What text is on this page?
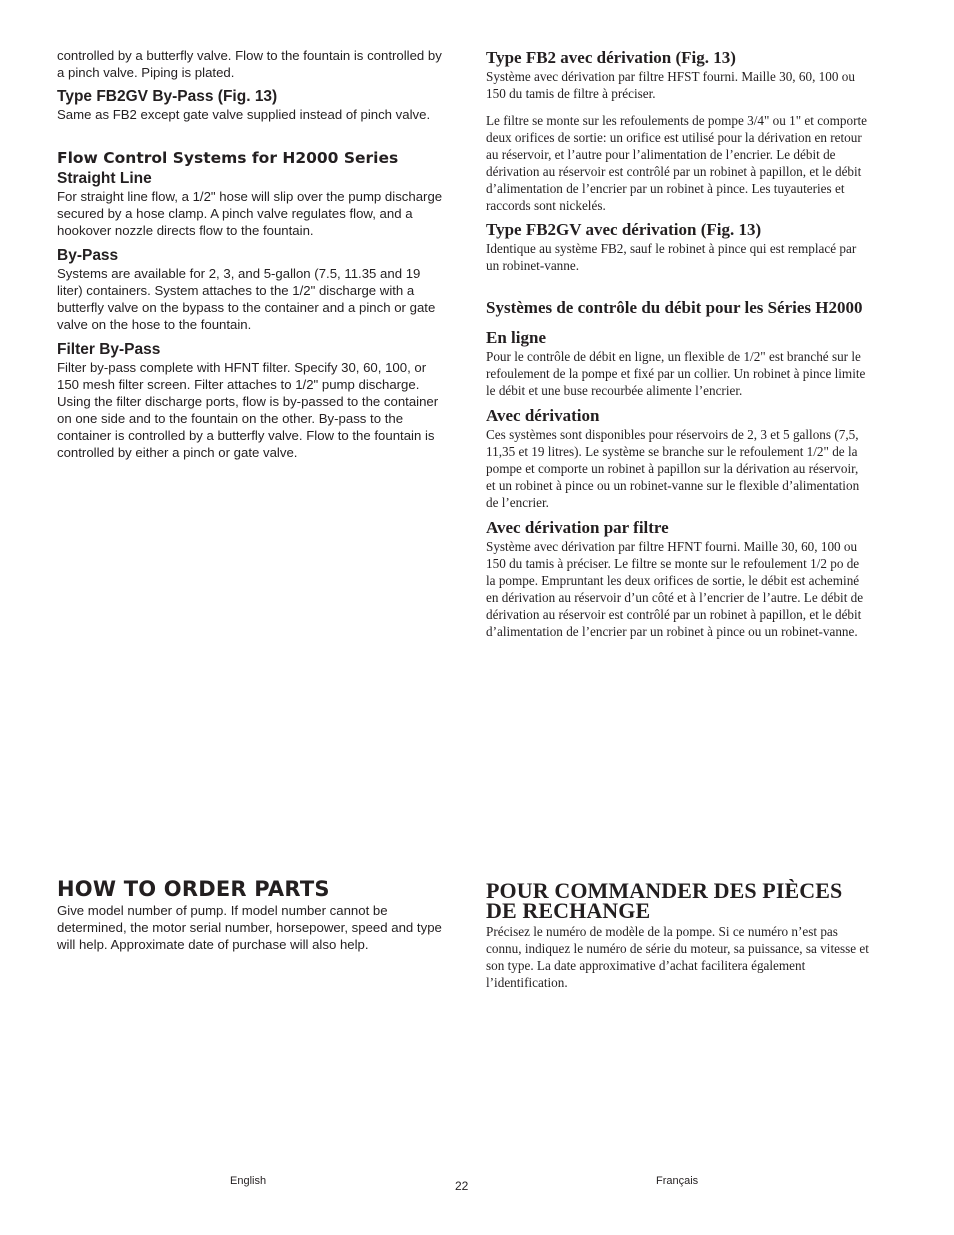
controlled by a butterfly valve. Flow to the fountain is controlled by a pinch valve. Piping is plated.

Type FB2GV By-Pass (Fig. 13)

Same as FB2 except gate valve supplied instead of pinch valve.

Flow Control Systems for H2000 Series
Straight Line

For straight line flow, a 1/2" hose will slip over the pump discharge secured by a hose clamp. A pinch valve regulates flow, and a hookover nozzle directs flow to the fountain.

By-Pass

Systems are available for 2, 3, and 5-gallon (7.5, 11.35 and 19 liter) containers. System attaches to the 1/2" discharge with a butterfly valve on the bypass to the container and a pinch or gate valve on the hose to the fountain.

Filter By-Pass

Filter by-pass complete with HFNT filter. Specify 30, 60, 100, or 150 mesh filter screen. Filter attaches to 1/2" pump discharge. Using the filter discharge ports, flow is by-passed to the container on one side and to the fountain on the other. By-pass to the container is controlled by a butterfly valve. Flow to the fountain is controlled by either a pinch or gate valve.

HOW TO ORDER PARTS

Give model number of pump. If model number cannot be determined, the motor serial number, horsepower, speed and type will help. Approximate date of purchase will also help.

Type FB2 avec dérivation (Fig. 13)

Système avec dérivation par filtre HFST fourni. Maille 30, 60, 100 ou 150 du tamis de filtre à préciser.

Le filtre se monte sur les refoulements de pompe 3/4" ou 1" et comporte deux orifices de sortie: un orifice est utilisé pour la dérivation en retour au réservoir, et l’autre pour l’alimentation de l’encrier. Le débit de dérivation au réservoir est contrôlé par un robinet à papillon, et le débit d’alimentation de l’encrier par un robinet à pince. Les tuyauteries et raccords sont nickelés.

Type FB2GV avec dérivation (Fig. 13)

Identique au système FB2, sauf le robinet à pince qui est remplacé par un robinet-vanne.

Systèmes de contrôle du débit pour les Séries H2000
En ligne

Pour le contrôle de débit en ligne, un flexible de 1/2" est branché sur le refoulement de la pompe et fixé par un collier. Un robinet à pince limite le débit et une buse recourbée alimente l’encrier.

Avec dérivation

Ces systèmes sont disponibles pour réservoirs de 2, 3 et 5 gallons (7,5, 11,35 et 19 litres). Le système se branche sur le refoulement 1/2" de la pompe et comporte un robinet à papillon sur la dérivation au réservoir, et un robinet à pince ou un robinet-vanne sur le flexible d’alimentation de l’encrier.

Avec dérivation par filtre

Système avec dérivation par filtre HFNT fourni. Maille 30, 60, 100 ou 150 du tamis à préciser. Le filtre se monte sur le refoulement 1/2 po de la pompe. Empruntant les deux orifices de sortie, le débit est acheminé en dérivation au réservoir d’un côté et à l’encrier de l’autre. Le débit de dérivation au réservoir est contrôlé par un robinet à papillon, et le débit d’alimentation de l’encrier par un robinet à pince ou un robinet-vanne.

POUR COMMANDER DES PIÈCES DE RECHANGE

Précisez le numéro de modèle de la pompe. Si ce numéro n’est pas connu, indiquez le numéro de série du moteur, sa puissance, sa vitesse et son type. La date approximative d’achat facilitera également l’identification.

English	22	Français
